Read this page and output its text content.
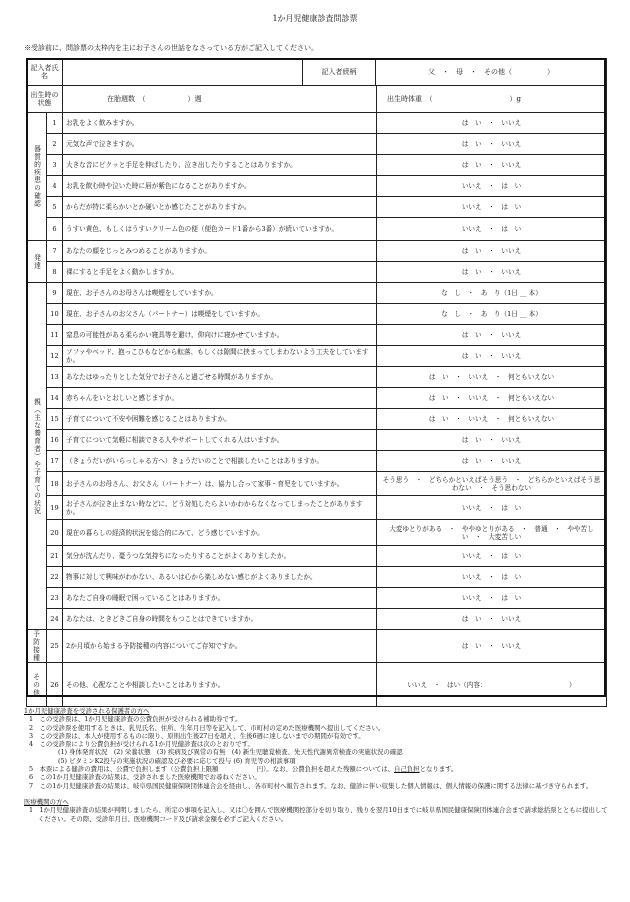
1か月児健康診査問診票
※受診前に、問診票の太枠内を主にお子さんの世話をなさっている方がご記入してください。
記入者氏名		記入者続柄 父　・　母　・　その他（　　　　　）	

出生時の状態		在胎週数　（　　　　　　）週	出生時体重　（　　　　　　　　　　　）g
器質的疾患の確認	1	お乳をよく飲みますか。	は　い　・　いいえ
	2	元気な声で泣きますか。	は　い　・　いいえ
	3	大きな音にピクッと手足を伸ばしたり、泣き出したりすることはありますか。	は　い　・　いいえ
	4	お乳を飲む時や泣いた時に唇が紫色になることがありますか。	いいえ　・　は　い
	5	からだが特に柔らかいとか硬いとか感じたことがありますか。	いいえ　・　は　い
	6	うすい黄色、もしくはうすいクリーム色の便（便色カード1番から3番）が続いていますか。	いいえ　・　は　い
発達	7	あなたの顔をじっとみつめることがありますか。	は　い　・　いいえ
	8	裸にすると手足をよく動かしますか。	は　い　・　いいえ
親（主な養育者）や子育ての状況	9	現在、お子さんのお母さんは喫煙をしていますか。	な　し　・　あ　り（1日 __ 本）
	10	現在、お子さんのお父さん（パートナー）は喫煙をしていますか。	な　し　・　あ　り（1日 __ 本）
	11	窒息の可能性がある柔らかい寝具等を避け、仰向けに寝かせていますか。	は　い　・　いいえ
	12	ソファやベッド、抱っこひもなどから転落、もしくは隙間に挟まってしまわないよう工夫をしていますか。	は　い　・　いいえ
	13	あなたはゆったりとした気分でお子さんと過ごせる時間がありますか。	は　い　・　いいえ　・　何ともいえない
	14	赤ちゃんをいとおしいと感じますか。	は　い　・　いいえ　・　何ともいえない
	15	子育てについて不安や困難を感じることはありますか。	は　い　・　いいえ　・　何ともいえない
	16	子育てについて気軽に相談できる人やサポートしてくれる人はいますか。	は　い　・　いいえ
	17	（きょうだいがいらっしゃる方へ）きょうだいのことで相談したいことはありますか。	は　い　・　いいえ
	18	お子さんのお母さん、お父さん（パートナー）は、協力し合って家事・育児をしていますか。	そう思う　・　どちらかといえばそう思う　・　どちらかといえばそう思わない　・　そう思わない
	19	お子さんが泣き止まない時などに、どう対処したらよいかわからなくなってしまったことがありますか。	いいえ　・　は　い
	20	現在の暮らしの経済的状況を総合的にみて、どう感じていますか。	大変ゆとりがある　・　ややゆとりがある　・　普通　・　やや苦しい　・　大変苦しい
	21	気分が沈んだり、憂うつな気持ちになったりすることがよくありましたか。	いいえ　・　は　い
	22	物事に対して興味がわかない、あるいは心から楽しめない感じがよくありましたか。	いいえ　・　は　い
	23	あなたご自身の睡眠で困っていることはありますか。	いいえ　・　は　い
	24	あなたは、ときどきご自身の時間をもつことはできていますか。	は　い　・　いいえ
予防接種	25	2か月頃から始まる予防接種の内容についてご存知ですか。	は　い　・　いいえ
その他	26	その他、心配なことや相談したいことはありますか。	いいえ　・　はい（内容：　　　　　　　　　　　　　）
1か月児健康診査を受診される保護者の方へ
1　この受診票は、1か月児健康診査の公費負担が受けられる補助券です。
2　この受診票を使用するときは、乳児氏名、住所、生年月日等を記入して、市町村の定めた医療機関へ提出してください。
3　この受診票は、本人が使用するものに限り、原則出生後27日を超え、生後6週に達しないまでの期間が有効です。
4　この受診票により公費負担が受けられる1か月児健診査は次のとおりです。
(1) 身体発育状況　(2) 栄養状態　(3) 疾病及び異常の有無　(4) 新生児聴覚検査、先天性代謝異常検査の実施状況の確認
(5) ビタミンK2投与の実施状況の確認及び必要に応じて投与 (6) 育児等の相談事項
5　本票による健診の費用は、公費で負担します（公費負担上限額　　　　　　円）。なお、公費負担を超えた残額については、自己負担となります。
6　この1か月児健康診査の結果は、受診されました医療機関でお尋ねください。
7　この1か月児健康診査の結果は、岐阜県国民健康保険団体連合会を経由し、各市町村へ報告されます。なお、健診に伴い収集した個人情報は、個人情報の保護に関する法律に基づき守られます。
医療機関の方へ
1　1か月児健康診査の結果が判明しましたら、所定の事項を記入し、又は〇を囲んで医療機関控部分を切り取り、残りを翌月10日までに岐阜県国民健康保険団体連合会まで請求総括票とともに提出してください。その際、受診年月日、医療機関コード及び請求金額を必ずご記入ください。
